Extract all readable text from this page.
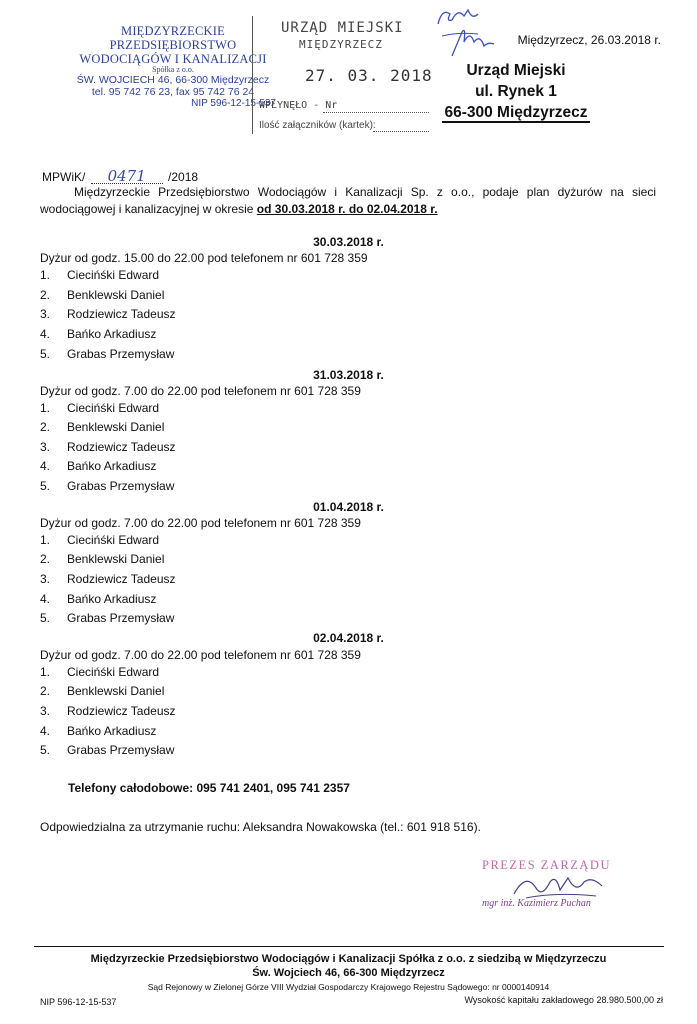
MIĘDZYRZECKIE PRZEDSIĘBIORSTWO
WODOCIĄGÓW I KANALIZACJI
Spółka z o.o.
ŚW. WOJCIECH 46, 66-300 Międzyrzecz
tel. 95 742 76 23, fax 95 742 76 24
NIP 596-12-15-537
URZĄD MIEJSKI
MIĘDZYRZECZ
27. 03. 2018
WPŁYNĘŁO - Nr
Ilość załączników (kartek):
Międzyrzecz, 26.03.2018 r.
Urząd Miejski
ul. Rynek 1
66-300 Międzyrzecz
MPWiK/ 0471 /2018
Międzyrzeckie Przedsiębiorstwo Wodociągów i Kanalizacji Sp. z o.o., podaje plan dyżurów na sieci wodociągowej i kanalizacyjnej w okresie od 30.03.2018 r. do 02.04.2018 r.
30.03.2018 r.
Dyżur od godz. 15.00 do 22.00 pod telefonem nr 601 728 359
1. Ciecińśki Edward
2. Benklewski Daniel
3. Rodziewicz Tadeusz
4. Bańko Arkadiusz
5. Grabas Przemysław
31.03.2018 r.
Dyżur od godz. 7.00 do 22.00 pod telefonem nr 601 728 359
1. Ciecińśki Edward
2. Benklewski Daniel
3. Rodziewicz Tadeusz
4. Bańko Arkadiusz
5. Grabas Przemysław
01.04.2018 r.
Dyżur od godz. 7.00 do 22.00 pod telefonem nr 601 728 359
1. Ciecińśki Edward
2. Benklewski Daniel
3. Rodziewicz Tadeusz
4. Bańko Arkadiusz
5. Grabas Przemysław
02.04.2018 r.
Dyżur od godz. 7.00 do 22.00 pod telefonem nr 601 728 359
1. Ciecińśki Edward
2. Benklewski Daniel
3. Rodziewicz Tadeusz
4. Bańko Arkadiusz
5. Grabas Przemysław
Telefony całodobowe: 095 741 2401, 095 741 2357
Odpowiedzialna za utrzymanie ruchu: Aleksandra Nowakowska (tel.: 601 918 516).
PREZES ZARZĄDU
mgr inż. Kazimierz Puchan
Międzyrzeckie Przedsiębiorstwo Wodociągów i Kanalizacji Spółka z o.o. z siedzibą w Międzyrzeczu
Św. Wojciech 46, 66-300 Międzyrzecz
Sąd Rejonowy w Zielonej Górze VIII Wydział Gospodarczy Krajowego Rejestru Sądowego: nr 0000140914
NIP 596-12-15-537	Wysokość kapitału zakładowego 28.980.500,00 zł
